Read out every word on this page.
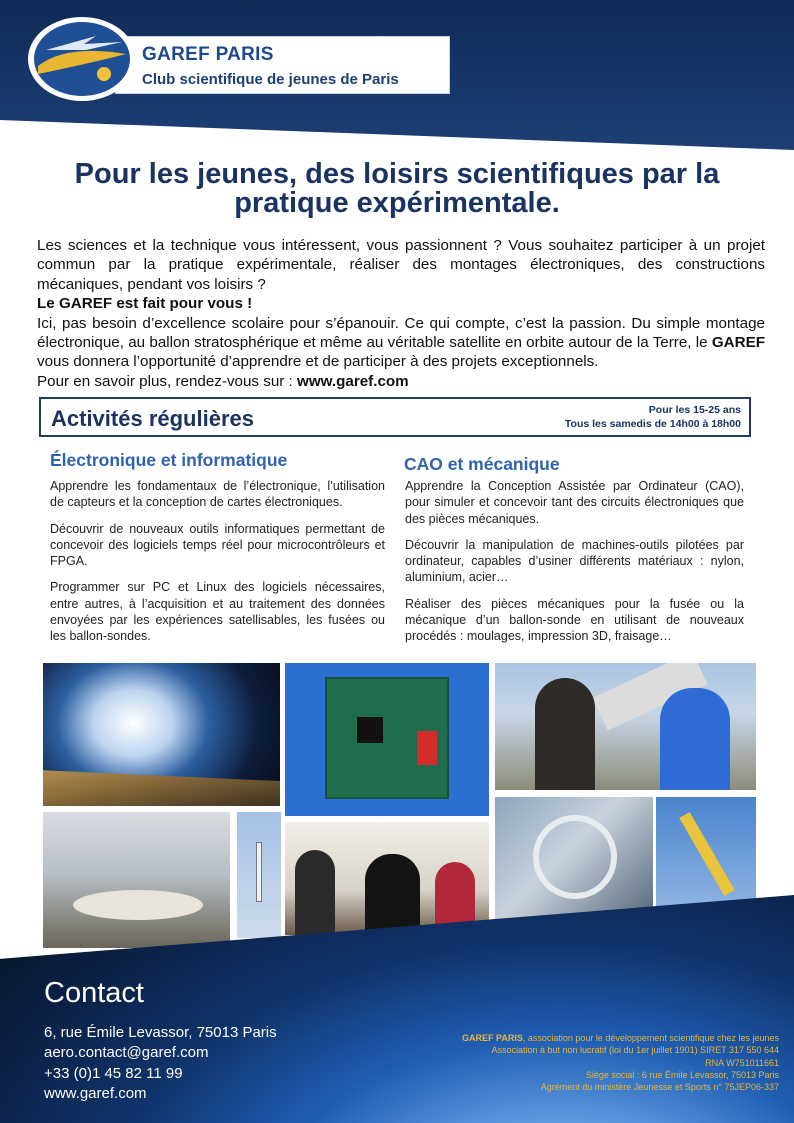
GAREF PARIS
Club scientifique de jeunes de Paris
Pour les jeunes, des loisirs scientifiques par la pratique expérimentale.

Les sciences et la technique vous intéressent, vous passionnent ? Vous souhaitez participer à un projet commun par la pratique expérimentale, réaliser des montages électroniques, des constructions mécaniques, pendant vos loisirs ?

Le GAREF est fait pour vous !

Ici, pas besoin d’excellence scolaire pour s’épanouir. Ce qui compte, c’est la passion. Du simple montage électronique, au ballon stratosphérique et même au véritable satellite en orbite autour de la Terre, le GAREF vous donnera l’opportunité d’apprendre et de participer à des projets exceptionnels.

Pour en savoir plus, rendez-vous sur : www.garef.com

Activités régulières	Pour les 15-25 ans
Tous les samedis de 14h00 à 18h00
Électronique et informatique

Apprendre les fondamentaux de l’électronique, l’utilisation de capteurs et la conception de cartes électroniques.

Découvrir de nouveaux outils informatiques permettant de concevoir des logiciels temps réel pour microcontrôleurs et FPGA.

Programmer sur PC et Linux des logiciels nécessaires, entre autres, à l’acquisition et au traitement des données envoyées par les expériences satellisables, les fusées ou les ballon-sondes.

CAO et mécanique

Apprendre la Conception Assistée par Ordinateur (CAO), pour simuler et concevoir tant des circuits électroniques que des pièces mécaniques.

Découvrir la manipulation de machines-outils pilotées par ordinateur, capables d’usiner différents matériaux : nylon, aluminium, acier…

Réaliser des pièces mécaniques pour la fusée ou la mécanique d’un ballon-sonde en utilisant de nouveaux procédés : moulages, impression 3D, fraisage…

Contact
6, rue Émile Levassor, 75013 Paris
aero.contact@garef.com
+33 (0)1 45 82 11 99
www.garef.com
GAREF PARIS, association pour le développement scientifique chez les jeunes
Association à but non lucratif (loi du 1er juillet 1901) SIRET 317 550 644
RNA W751011661
Siège social : 6 rue Émile Levassor, 75013 Paris
Agrément du ministère Jeunesse et Sports n° 75JEP06-337
